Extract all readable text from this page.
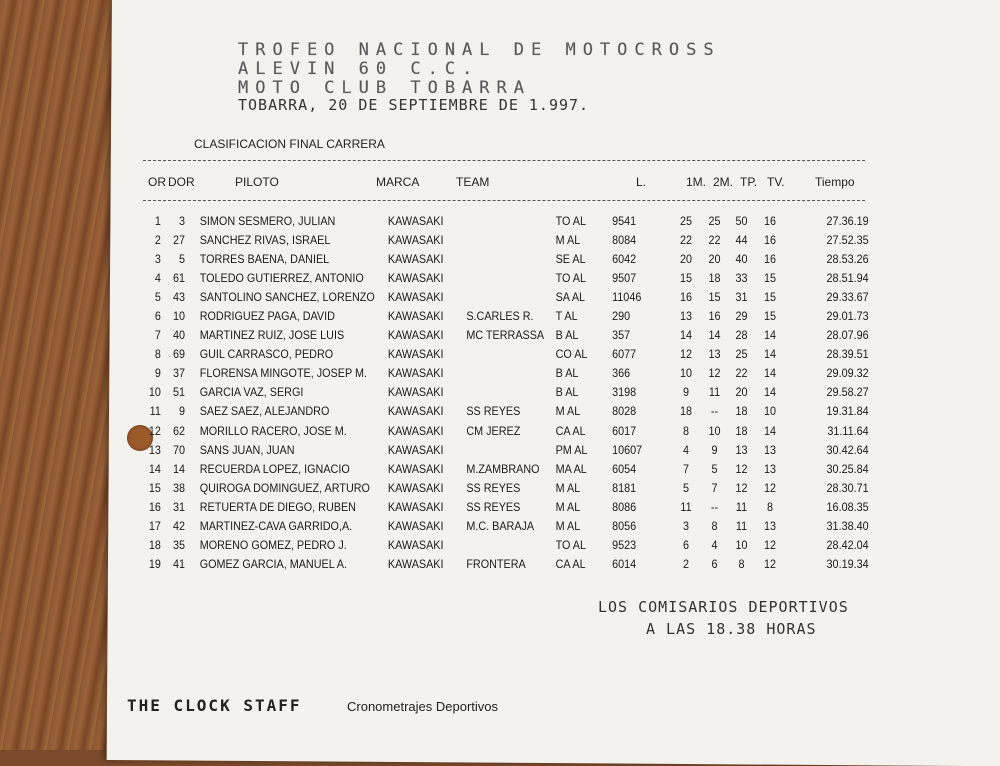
TROFEO NACIONAL DE MOTOCROSS
ALEVIN 60 C.C.
MOTO CLUB TOBARRA
TOBARRA, 20 DE SEPTIEMBRE DE 1.997.
CLASIFICACION FINAL CARRERA
OR DOR	PILOTO	MARCA	TEAM	L.	1M. 2M. TP. TV.	Tiempo
1	3	SIMON SESMERO, JULIAN	KAWASAKI		TO AL	9541	25	25	50	16	27.36.19
2	27	SANCHEZ RIVAS, ISRAEL	KAWASAKI		M AL	8084	22	22	44	16	27.52.35
3	5	TORRES BAENA, DANIEL	KAWASAKI		SE AL	6042	20	20	40	16	28.53.26
4	61	TOLEDO GUTIERREZ, ANTONIO	KAWASAKI		TO AL	9507	15	18	33	15	28.51.94
5	43	SANTOLINO SANCHEZ, LORENZO	KAWASAKI		SA AL	11046	16	15	31	15	29.33.67
6	10	RODRIGUEZ PAGA, DAVID	KAWASAKI	S.CARLES R.	T AL	290	13	16	29	15	29.01.73
7	40	MARTINEZ RUIZ, JOSE LUIS	KAWASAKI	MC TERRASSA	B AL	357	14	14	28	14	28.07.96
8	69	GUIL CARRASCO, PEDRO	KAWASAKI		CO AL	6077	12	13	25	14	28.39.51
9	37	FLORENSA MINGOTE, JOSEP M.	KAWASAKI		B AL	366	10	12	22	14	29.09.32
10	51	GARCIA VAZ, SERGI	KAWASAKI		B AL	3198	9	11	20	14	29.58.27
11	9	SAEZ SAEZ, ALEJANDRO	KAWASAKI	SS REYES	M AL	8028	18	--	18	10	19.31.84
12	62	MORILLO RACERO, JOSE M.	KAWASAKI	CM JEREZ	CA AL	6017	8	10	18	14	31.11.64
13	70	SANS JUAN, JUAN	KAWASAKI		PM AL	10607	4	9	13	13	30.42.64
14	14	RECUERDA LOPEZ, IGNACIO	KAWASAKI	M.ZAMBRANO	MA AL	6054	7	5	12	13	30.25.84
15	38	QUIROGA DOMINGUEZ, ARTURO	KAWASAKI	SS REYES	M AL	8181	5	7	12	12	28.30.71
16	31	RETUERTA DE DIEGO, RUBEN	KAWASAKI	SS REYES	M AL	8086	11	--	11	8	16.08.35
17	42	MARTINEZ-CAVA GARRIDO,A.	KAWASAKI	M.C. BARAJA	M AL	8056	3	8	11	13	31.38.40
18	35	MORENO GOMEZ, PEDRO J.	KAWASAKI		TO AL	9523	6	4	10	12	28.42.04
19	41	GOMEZ GARCIA, MANUEL A.	KAWASAKI	FRONTERA	CA AL	6014	2	6	8	12	30.19.34
LOS COMISARIOS DEPORTIVOS
A LAS 18.38 HORAS
THE CLOCK STAFF	Cronometrajes Deportivos
